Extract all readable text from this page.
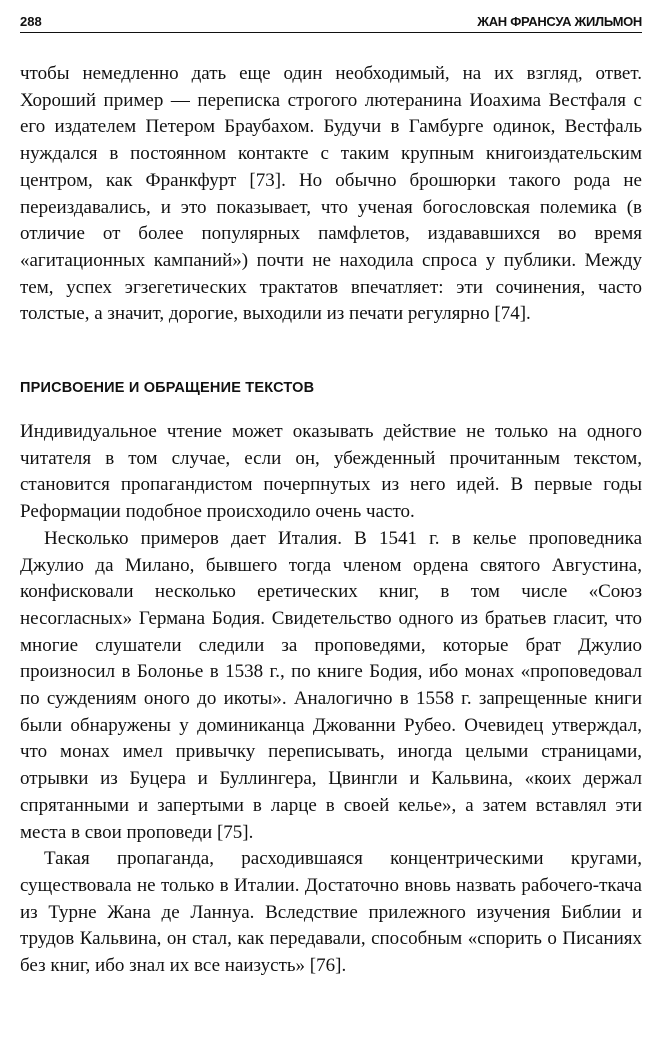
288	ЖАН ФРАНСУА ЖИЛЬМОН

чтобы немедленно дать еще один необходимый, на их взгляд, ответ. Хороший пример — переписка строгого лютеранина Иоахима Вестфаля с его издателем Петером Браубахом. Будучи в Гамбурге одинок, Вестфаль нуждался в постоянном контакте с таким крупным книгоиздательским центром, как Франкфурт [73]. Но обычно брошюрки такого рода не переиздавались, и это показывает, что ученая богословская полемика (в отличие от более популярных памфлетов, издававшихся во время «агитационных кампаний») почти не находила спроса у публики. Между тем, успех эгзегетических трактатов впечатляет: эти сочинения, часто толстые, а значит, дорогие, выходили из печати регулярно [74].

ПРИСВОЕНИЕ И ОБРАЩЕНИЕ ТЕКСТОВ

Индивидуальное чтение может оказывать действие не только на одного читателя в том случае, если он, убежденный прочитанным текстом, становится пропагандистом почерпнутых из него идей. В первые годы Реформации подобное происходило очень часто.

Несколько примеров дает Италия. В 1541 г. в келье проповедника Джулио да Милано, бывшего тогда членом ордена святого Августина, конфисковали несколько еретических книг, в том числе «Союз несогласных» Германа Бодия. Свидетельство одного из братьев гласит, что многие слушатели следили за проповедями, которые брат Джулио произносил в Болонье в 1538 г., по книге Бодия, ибо монах «проповедовал по суждениям оного до икоты». Аналогично в 1558 г. запрещенные книги были обнаружены у доминиканца Джованни Рубео. Очевидец утверждал, что монах имел привычку переписывать, иногда целыми страницами, отрывки из Буцера и Буллингера, Цвингли и Кальвина, «коих держал спрятанными и запертыми в ларце в своей келье», а затем вставлял эти места в свои проповеди [75].

Такая пропаганда, расходившаяся концентрическими кругами, существовала не только в Италии. Достаточно вновь назвать рабочего-ткача из Турне Жана де Ланнуа. Вследствие прилежного изучения Библии и трудов Кальвина, он стал, как передавали, способным «спорить о Писаниях без книг, ибо знал их все наизусть» [76].
